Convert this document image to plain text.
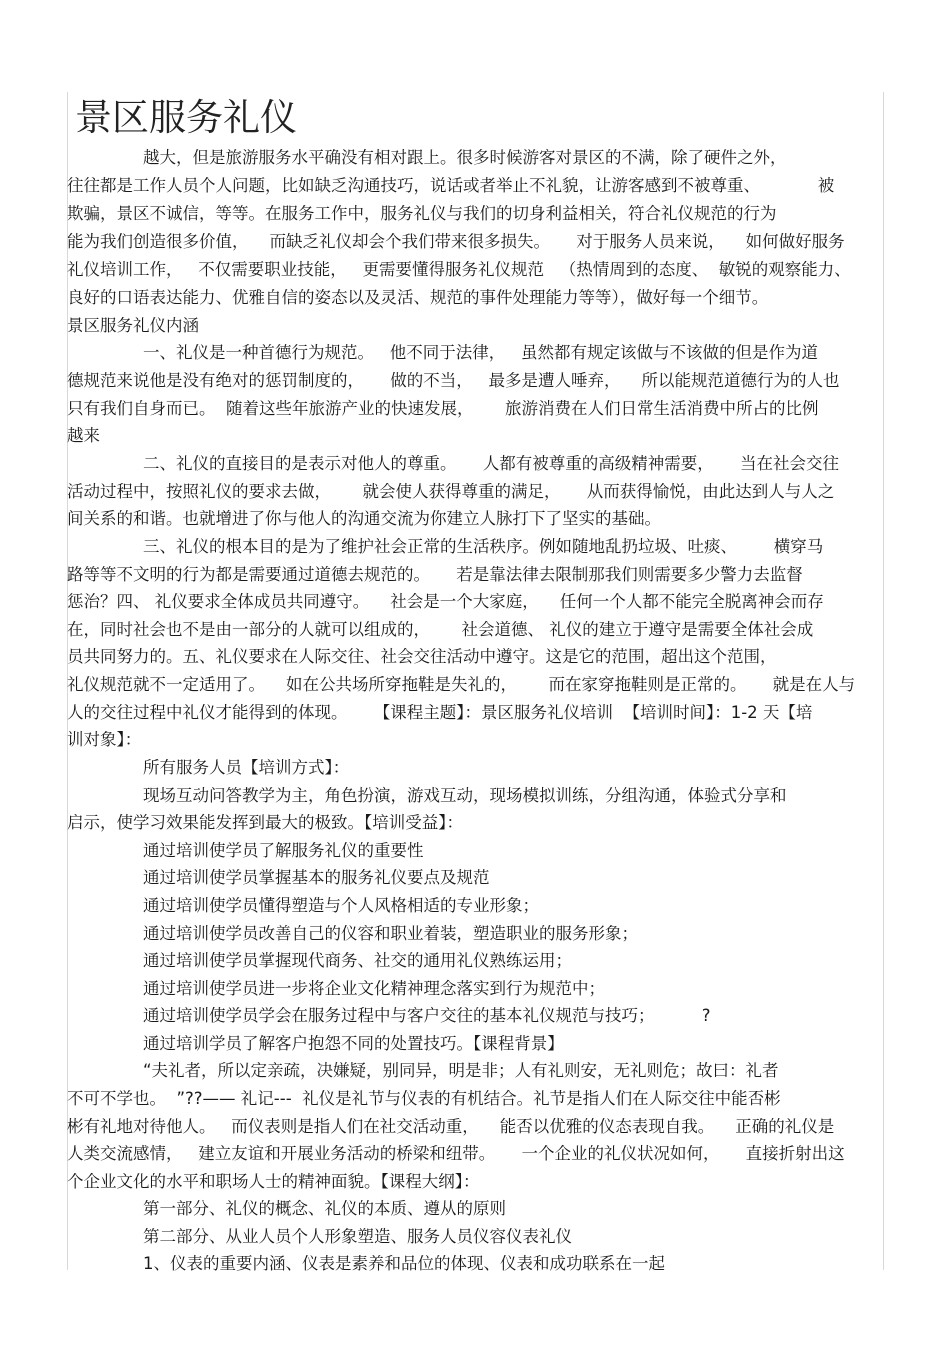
景区服务礼仪
越大，但是旅游服务水平确没有相对跟上。很多时候游客对景区的不满，除了硬件之外，
往往都是工作人员个人问题，比如缺乏沟通技巧，说话或者举止不礼貌，让游客感到不被尊重、           被
欺骗，景区不诚信，等等。在服务工作中，服务礼仪与我们的切身利益相关，符合礼仪规范的行为
能为我们创造很多价值，    而缺乏礼仪却会个我们带来很多损失。     对于服务人员来说，    如何做好服务
礼仪培训工作，   不仅需要职业技能，   更需要懂得服务礼仪规范   （热情周到的态度、  敏锐的观察能力、
良好的口语表达能力、优雅自信的姿态以及灵活、规范的事件处理能力等等），做好每一个细节。
景区服务礼仪内涵
一、礼仪是一种首德行为规范。   他不同于法律，   虽然都有规定该做与不该做的但是作为道
德规范来说他是没有绝对的惩罚制度的，     做的不当，   最多是遭人唾弃，    所以能规范道德行为的人也
只有我们自身而已。  随着这些年旅游产业的快速发展，      旅游消费在人们日常生活消费中所占的比例
越来
二、礼仪的直接目的是表示对他人的尊重。     人都有被尊重的高级精神需要，     当在社会交往
活动过程中，按照礼仪的要求去做，      就会使人获得尊重的满足，     从而获得愉悦，由此达到人与人之
间关系的和谐。也就增进了你与他人的沟通交流为你建立人脉打下了坚实的基础。
三、礼仪的根本目的是为了维护社会正常的生活秩序。例如随地乱扔垃圾、吐痰、       横穿马
路等等不文明的行为都是需要通过道德去规范的。     若是靠法律去限制那我们则需要多少警力去监督
惩治？四、 礼仪要求全体成员共同遵守。    社会是一个大家庭，    任何一个人都不能完全脱离神会而存
在，同时社会也不是由一部分的人就可以组成的，      社会道德、 礼仪的建立于遵守是需要全体社会成
员共同努力的。五、礼仪要求在人际交往、社会交往活动中遵守。这是它的范围，超出这个范围，
礼仪规范就不一定适用了。    如在公共场所穿拖鞋是失礼的，      而在家穿拖鞋则是正常的。     就是在人与
人的交往过程中礼仪才能得到的体现。     【课程主题】：景区服务礼仪培训  【培训时间】：1-2 天【培
训对象】：
所有服务人员【培训方式】：
现场互动问答教学为主，角色扮演，游戏互动，现场模拟训练，分组沟通，体验式分享和
启示，使学习效果能发挥到最大的极致。【培训受益】：
通过培训使学员了解服务礼仪的重要性
通过培训使学员掌握基本的服务礼仪要点及规范
通过培训使学员懂得塑造与个人风格相适的专业形象；
通过培训使学员改善自己的仪容和职业着装，塑造职业的服务形象；
通过培训使学员掌握现代商务、社交的通用礼仪熟练运用；
通过培训使学员进一步将企业文化精神理念落实到行为规范中；
通过培训使学员学会在服务过程中与客户交往的基本礼仪规范与技巧；         ?
通过培训学员了解客户抱怨不同的处置技巧。【课程背景】
“夫礼者，所以定亲疏，决嫌疑，别同异，明是非；人有礼则安，无礼则危；故曰：礼者
不可不学也。  ”??—— 礼记---  礼仪是礼节与仪表的有机结合。礼节是指人们在人际交往中能否彬
彬有礼地对待他人。   而仪表则是指人们在社交活动重，    能否以优雅的仪态表现自我。    正确的礼仪是
人类交流感情，   建立友谊和开展业务活动的桥梁和纽带。     一个企业的礼仪状况如何，     直接折射出这
个企业文化的水平和职场人士的精神面貌。【课程大纲】：
第一部分、礼仪的概念、礼仪的本质、遵从的原则
第二部分、从业人员个人形象塑造、服务人员仪容仪表礼仪
1、仪表的重要内涵、仪表是素养和品位的体现、仪表和成功联系在一起
